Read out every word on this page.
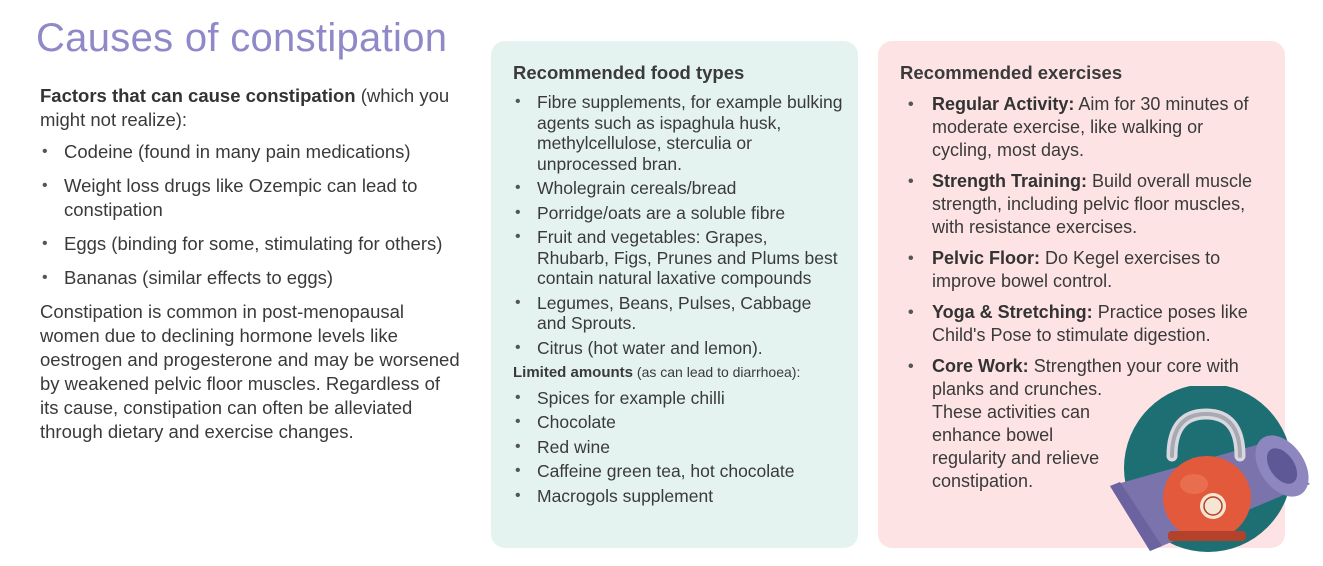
Causes of constipation

Factors that can cause constipation (which you might not realize):

• Codeine (found in many pain medications)
• Weight loss drugs like Ozempic can lead to constipation
• Eggs (binding for some, stimulating for others)
• Bananas (similar effects to eggs)

Constipation is common in post-menopausal women due to declining hormone levels like oestrogen and progesterone and may be worsened by weakened pelvic floor muscles. Regardless of its cause, constipation can often be alleviated through dietary and exercise changes.

Recommended food types
• Fibre supplements, for example bulking agents such as ispaghula husk, methylcellulose, sterculia or unprocessed bran.
• Wholegrain cereals/bread
• Porridge/oats are a soluble fibre
• Fruit and vegetables: Grapes, Rhubarb, Figs, Prunes and Plums best contain natural laxative compounds
• Legumes, Beans, Pulses, Cabbage and Sprouts.
• Citrus (hot water and lemon).

Limited amounts (as can lead to diarrhoea):

• Spices for example chilli
• Chocolate
• Red wine
• Caffeine green tea, hot chocolate
• Macrogols supplement
Recommended exercises
• Regular Activity: Aim for 30 minutes of moderate exercise, like walking or cycling, most days.
• Strength Training: Build overall muscle strength, including pelvic floor muscles, with resistance exercises.
• Pelvic Floor: Do Kegel exercises to improve bowel control.
• Yoga & Stretching: Practice poses like Child's Pose to stimulate digestion.
• Core Work: Strengthen your core with planks and crunches.

These activities can enhance bowel regularity and relieve constipation.
